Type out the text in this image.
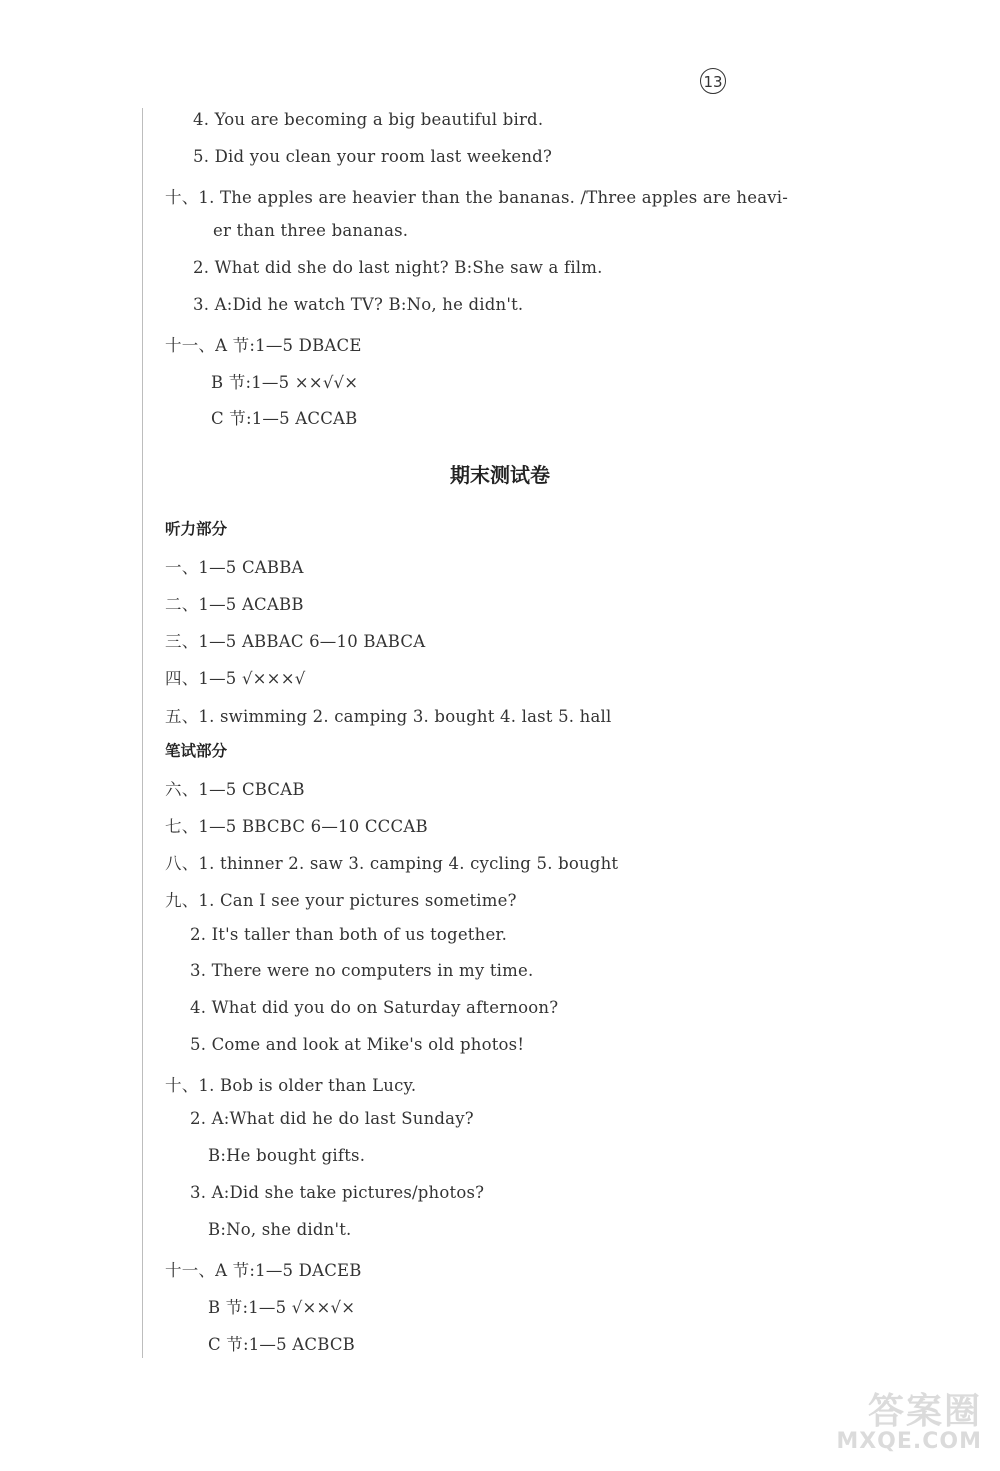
13
4. You are becoming a big beautiful bird.
5. Did you clean your room last weekend?
十、1. The apples are heavier than the bananas. /Three apples are heavi-
er than three bananas.
2. What did she do last night? B:She saw a film.
3. A:Did he watch TV? B:No, he didn't.
十一、A 节:1—5 DBACE
B 节:1—5 ××√√×
C 节:1—5 ACCAB
期末测试卷
听力部分
一、1—5 CABBA
二、1—5 ACABB
三、1—5 ABBAC 6—10 BABCA
四、1—5 √×××√
五、1. swimming 2. camping 3. bought 4. last 5. hall
笔试部分
六、1—5 CBCAB
七、1—5 BBCBC 6—10 CCCAB
八、1. thinner 2. saw 3. camping 4. cycling 5. bought
九、1. Can I see your pictures sometime?
2. It's taller than both of us together.
3. There were no computers in my time.
4. What did you do on Saturday afternoon?
5. Come and look at Mike's old photos!
十、1. Bob is older than Lucy.
2. A:What did he do last Sunday?
B:He bought gifts.
3. A:Did she take pictures/photos?
B:No, she didn't.
十一、A 节:1—5 DACEB
B 节:1—5 √××√×
C 节:1—5 ACBCB
答案圈
MXQE.COM
